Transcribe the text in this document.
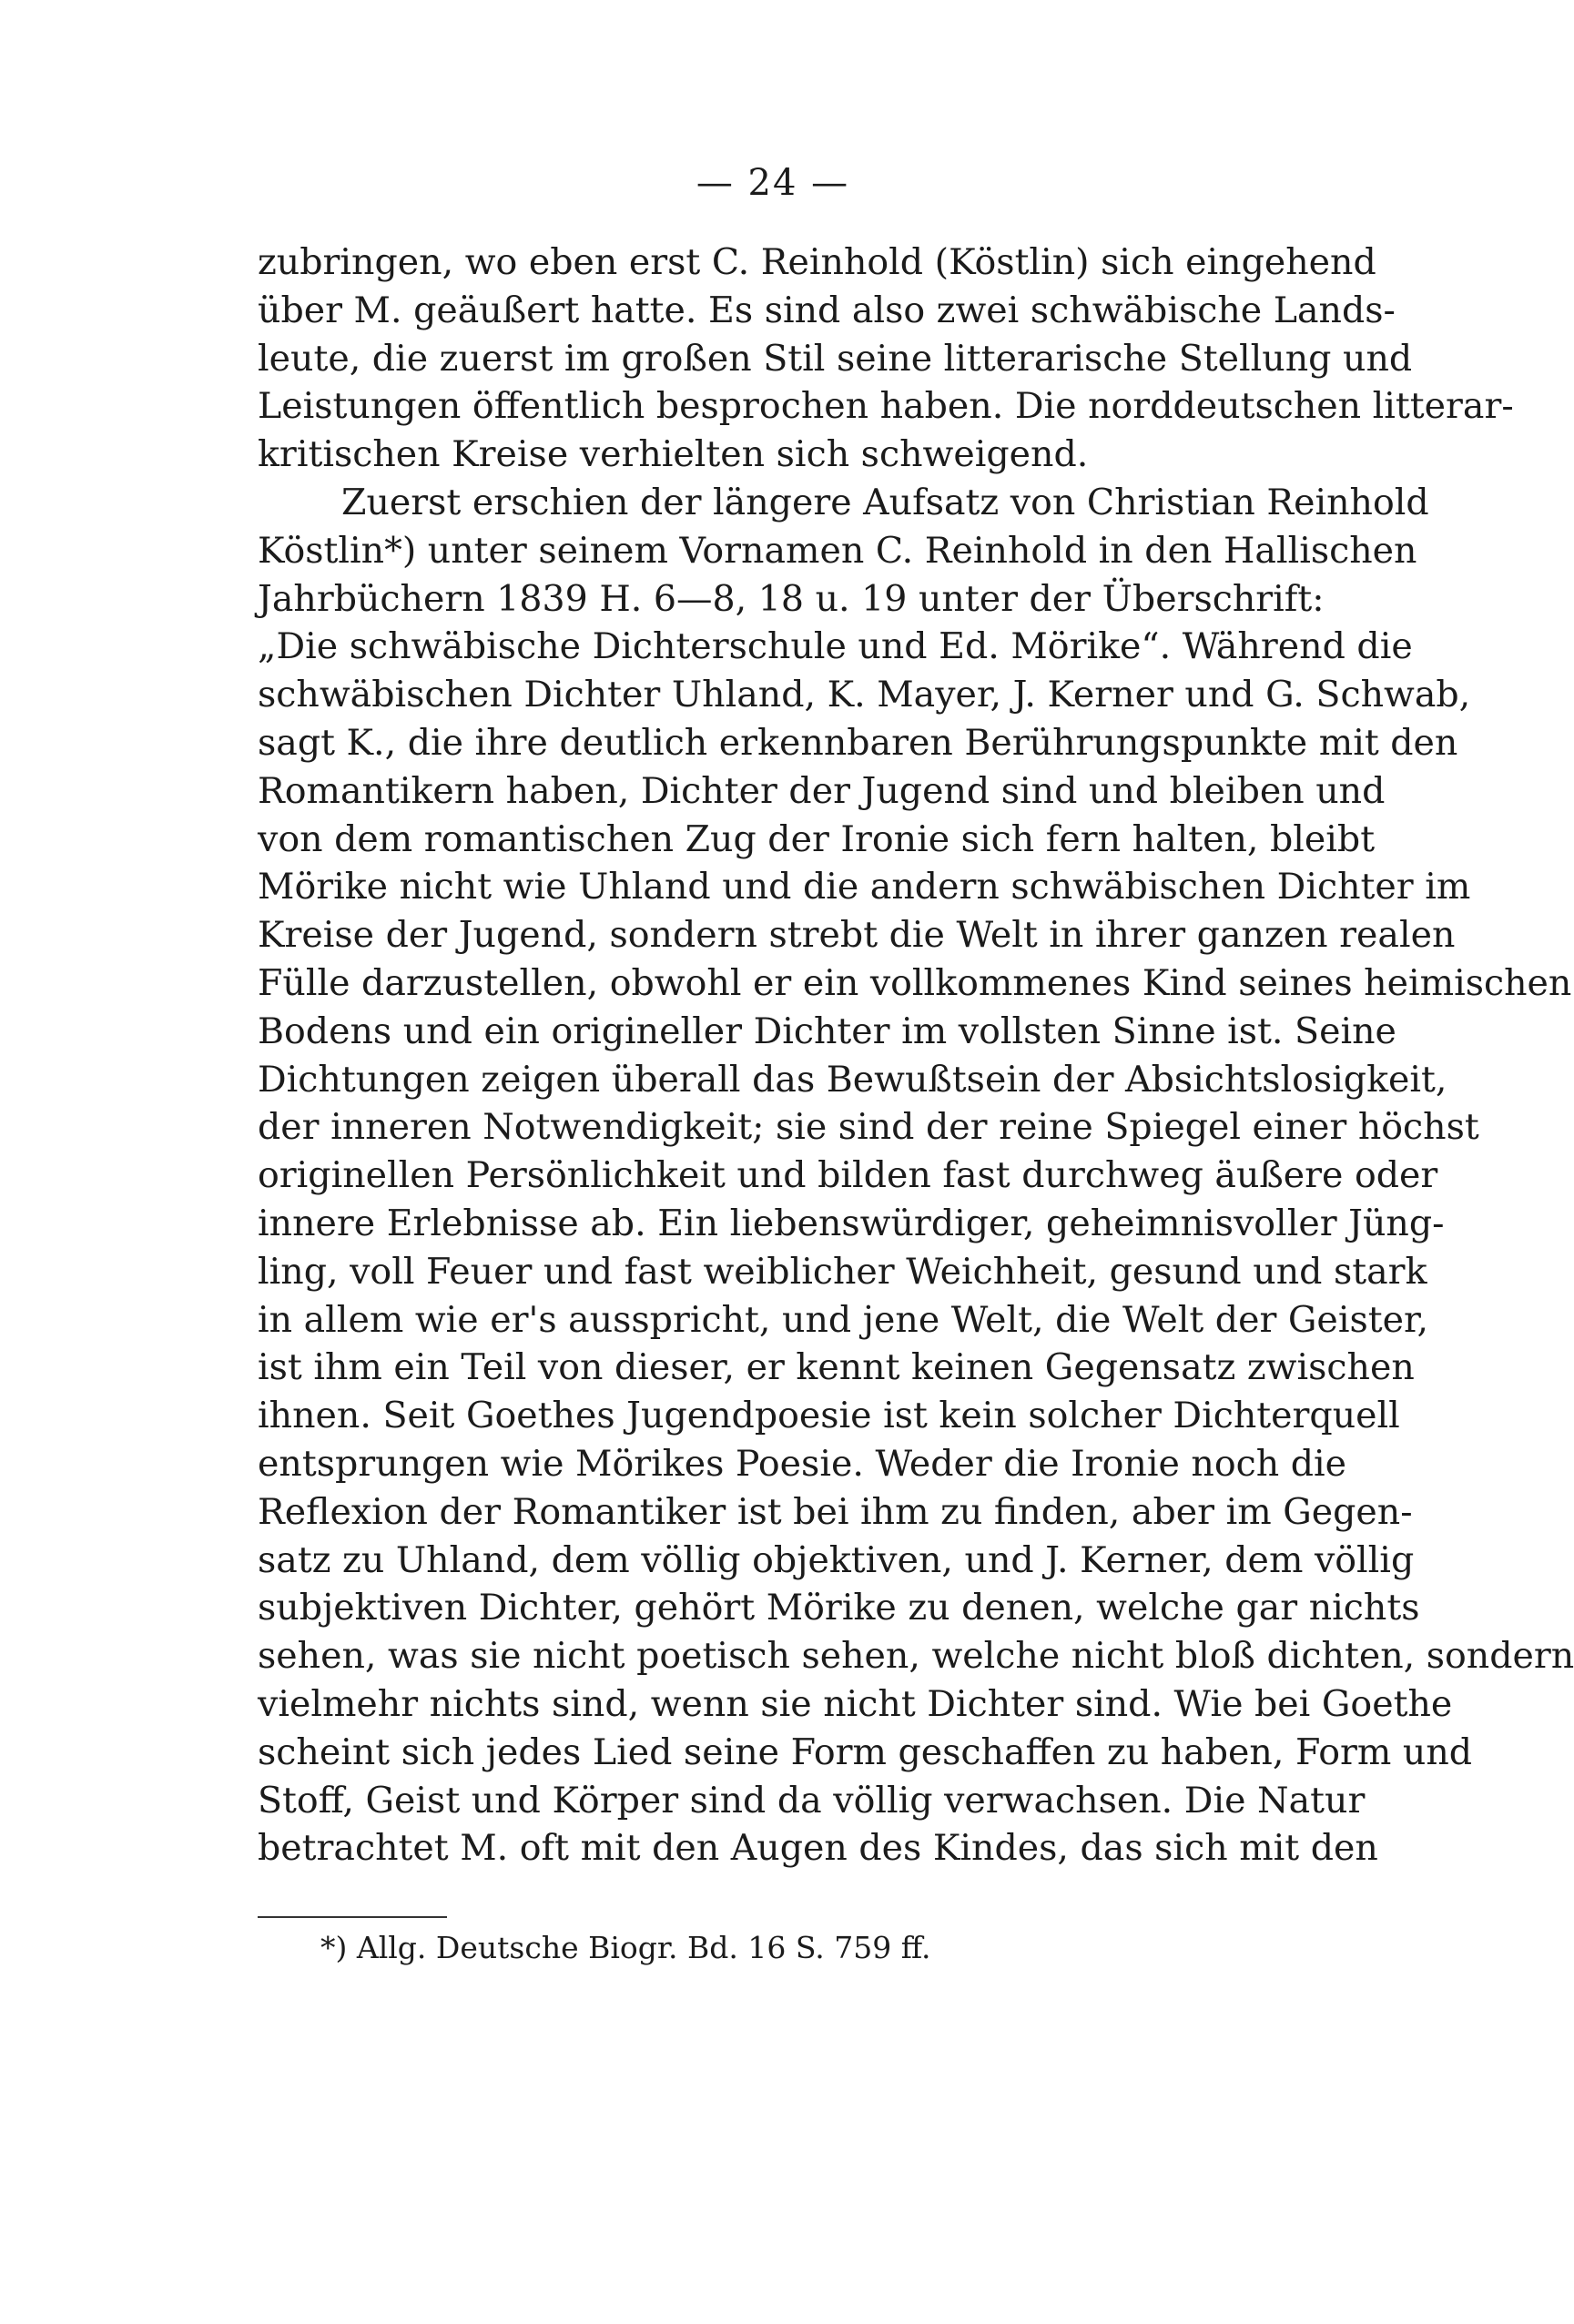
— 24 —
zubringen, wo eben erst C. Reinhold (Köstlin) sich eingehend
über M. geäußert hatte. Es sind also zwei schwäbische Lands-
leute, die zuerst im großen Stil seine litterarische Stellung und
Leistungen öffentlich besprochen haben. Die norddeutschen litterar-
kritischen Kreise verhielten sich schweigend.
Zuerst erschien der längere Aufsatz von Christian Reinhold
Köstlin*) unter seinem Vornamen C. Reinhold in den Hallischen
Jahrbüchern 1839 H. 6—8, 18 u. 19 unter der Überschrift:
„Die schwäbische Dichterschule und Ed. Mörike“. Während die
schwäbischen Dichter Uhland, K. Mayer, J. Kerner und G. Schwab,
sagt K., die ihre deutlich erkennbaren Berührungspunkte mit den
Romantikern haben, Dichter der Jugend sind und bleiben und
von dem romantischen Zug der Ironie sich fern halten, bleibt
Mörike nicht wie Uhland und die andern schwäbischen Dichter im
Kreise der Jugend, sondern strebt die Welt in ihrer ganzen realen
Fülle darzustellen, obwohl er ein vollkommenes Kind seines heimischen
Bodens und ein origineller Dichter im vollsten Sinne ist. Seine
Dichtungen zeigen überall das Bewußtsein der Absichtslosigkeit,
der inneren Notwendigkeit; sie sind der reine Spiegel einer höchst
originellen Persönlichkeit und bilden fast durchweg äußere oder
innere Erlebnisse ab. Ein liebenswürdiger, geheimnisvoller Jüng-
ling, voll Feuer und fast weiblicher Weichheit, gesund und stark
in allem wie er's ausspricht, und jene Welt, die Welt der Geister,
ist ihm ein Teil von dieser, er kennt keinen Gegensatz zwischen
ihnen. Seit Goethes Jugendpoesie ist kein solcher Dichterquell
entsprungen wie Mörikes Poesie. Weder die Ironie noch die
Reflexion der Romantiker ist bei ihm zu finden, aber im Gegen-
satz zu Uhland, dem völlig objektiven, und J. Kerner, dem völlig
subjektiven Dichter, gehört Mörike zu denen, welche gar nichts
sehen, was sie nicht poetisch sehen, welche nicht bloß dichten, sondern
vielmehr nichts sind, wenn sie nicht Dichter sind. Wie bei Goethe
scheint sich jedes Lied seine Form geschaffen zu haben, Form und
Stoff, Geist und Körper sind da völlig verwachsen. Die Natur
betrachtet M. oft mit den Augen des Kindes, das sich mit den
*) Allg. Deutsche Biogr. Bd. 16 S. 759 ff.
